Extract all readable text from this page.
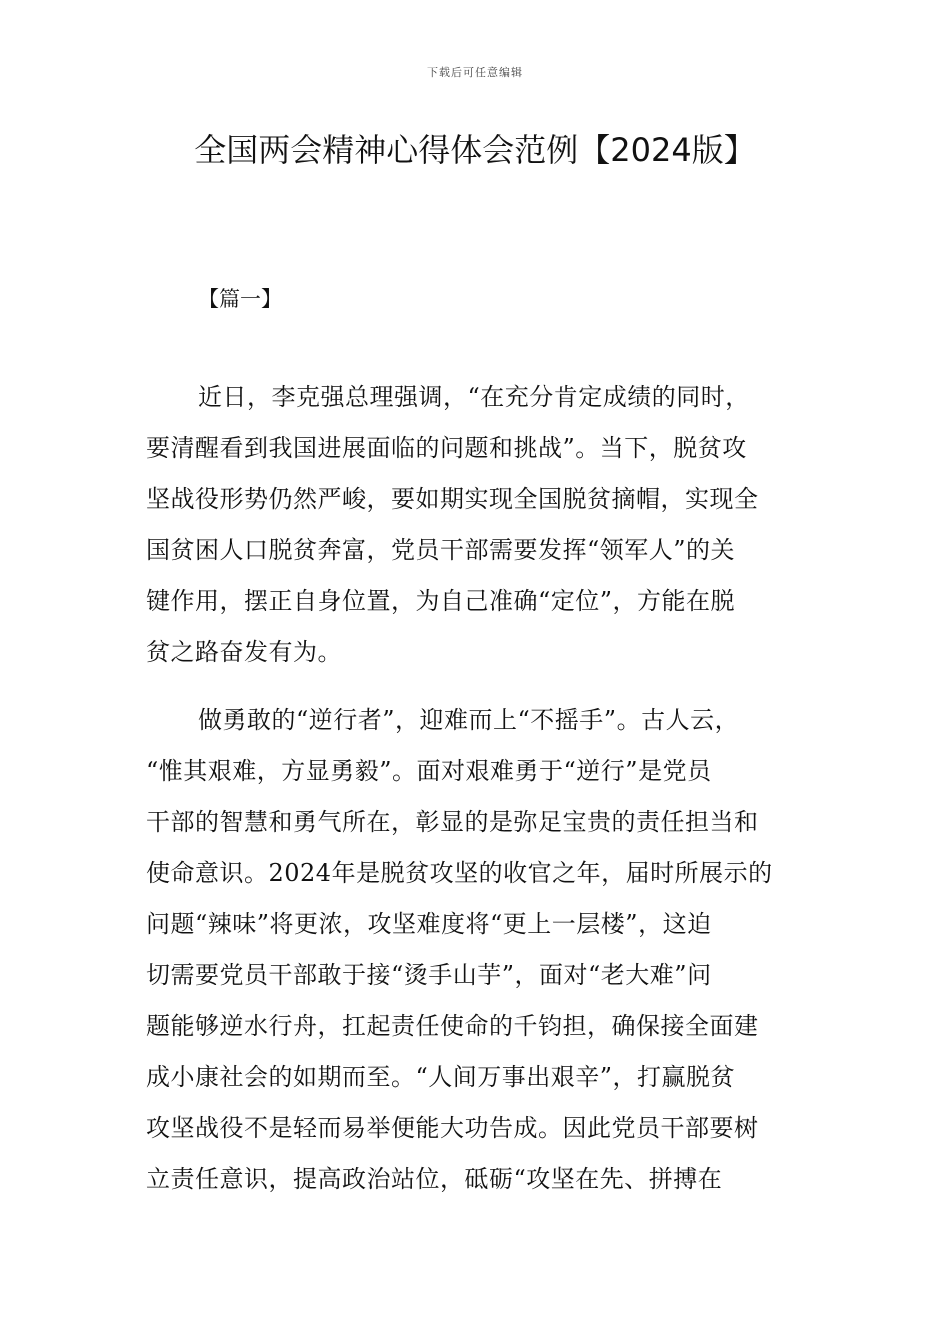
下载后可任意编辑
全国两会精神心得体会范例【2024版】
【篇一】
近日，李克强总理强调，“在充分肯定成绩的同时，
要清醒看到我国进展面临的问题和挑战”。当下，脱贫攻
坚战役形势仍然严峻，要如期实现全国脱贫摘帽，实现全
国贫困人口脱贫奔富，党员干部需要发挥“领军人”的关
键作用，摆正自身位置，为自己准确“定位”，方能在脱
贫之路奋发有为。
做勇敢的“逆行者”，迎难而上“不摇手”。古人云，
“惟其艰难，方显勇毅”。面对艰难勇于“逆行”是党员
干部的智慧和勇气所在，彰显的是弥足宝贵的责任担当和
使命意识。2024年是脱贫攻坚的收官之年，届时所展示的
问题“辣味”将更浓，攻坚难度将“更上一层楼”，这迫
切需要党员干部敢于接“烫手山芋”，面对“老大难”问
题能够逆水行舟，扛起责任使命的千钧担，确保接全面建
成小康社会的如期而至。“人间万事出艰辛”，打赢脱贫
攻坚战役不是轻而易举便能大功告成。因此党员干部要树
立责任意识，提高政治站位，砥砺“攻坚在先、拼搏在
